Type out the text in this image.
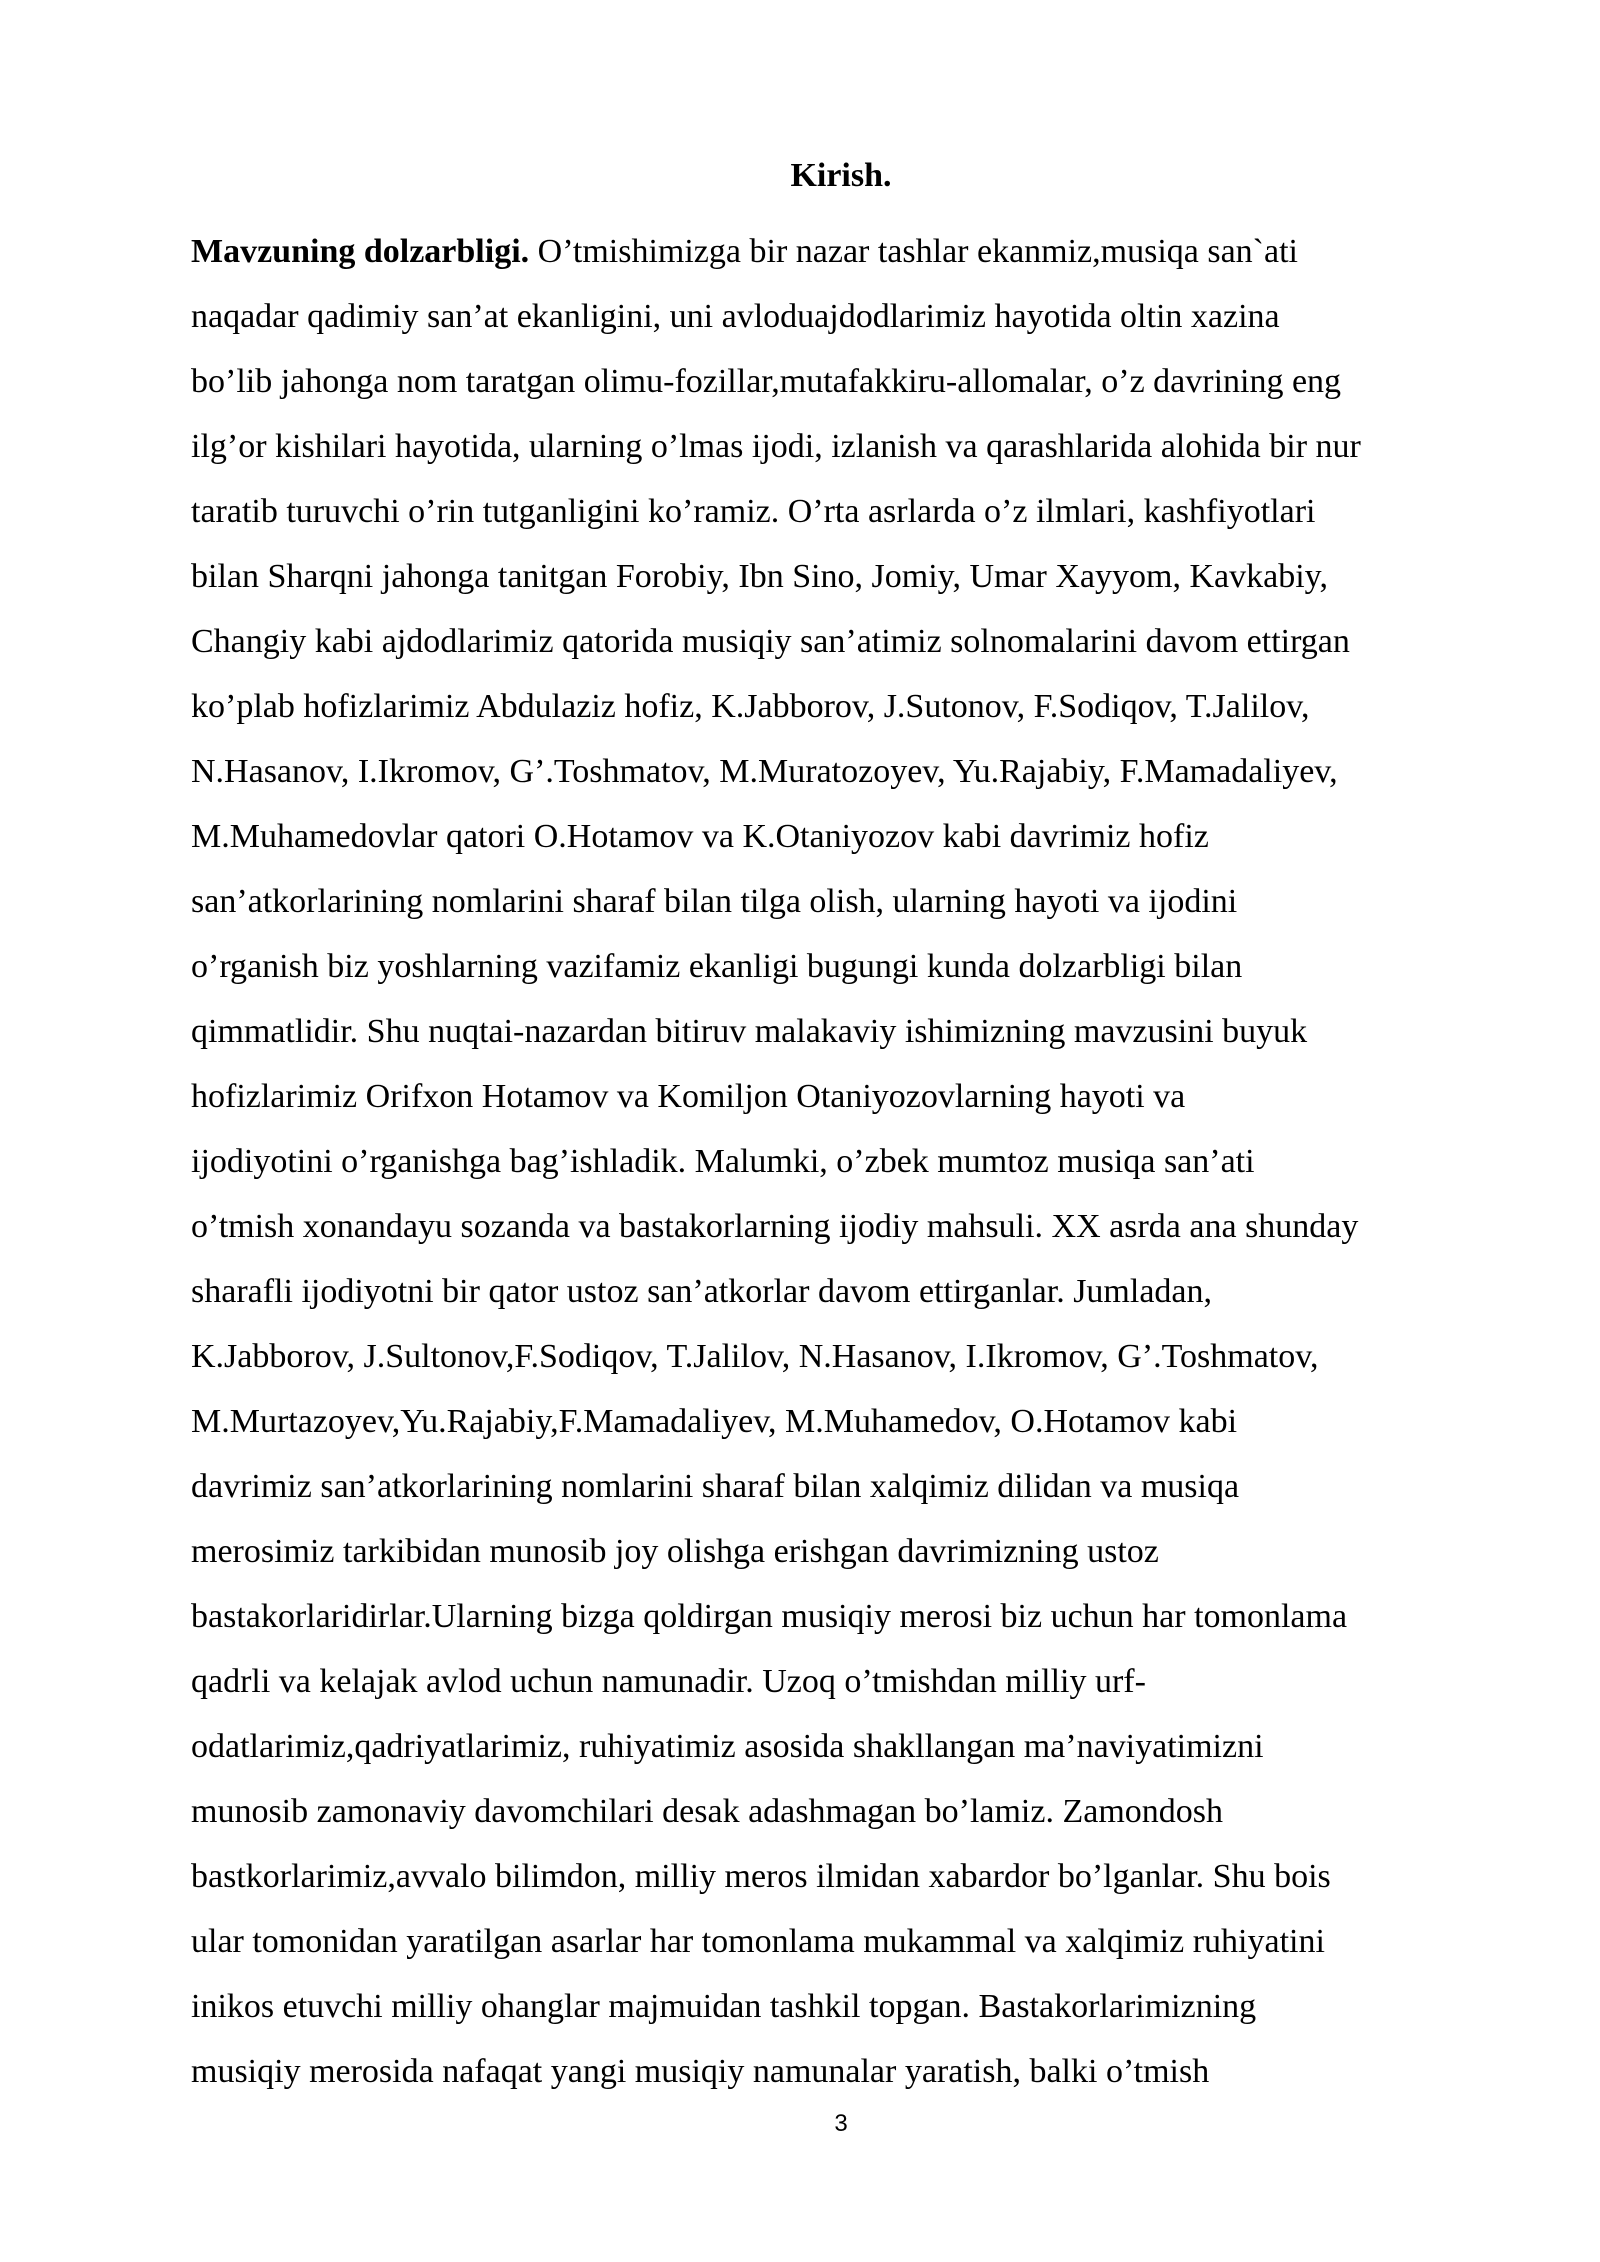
Kirish.
Mavzuning dolzarbligi. O’tmishimizga bir nazar tashlar ekanmiz,musiqa san`ati
naqadar qadimiy san’at ekanligini, uni avloduajdodlarimiz hayotida oltin xazina
bo’lib jahonga nom taratgan olimu-fozillar,mutafakkiru-allomalar, o’z davrining eng
ilg’or kishilari hayotida, ularning o’lmas ijodi, izlanish va qarashlarida alohida bir nur
taratib turuvchi o’rin tutganligini ko’ramiz. O’rta asrlarda o’z ilmlari, kashfiyotlari
bilan Sharqni jahonga tanitgan Forobiy, Ibn Sino, Jomiy, Umar Xayyom, Kavkabiy,
Changiy kabi ajdodlarimiz qatorida musiqiy san’atimiz solnomalarini davom ettirgan
ko’plab hofizlarimiz Abdulaziz hofiz, K.Jabborov, J.Sutonov, F.Sodiqov, T.Jalilov,
N.Hasanov, I.Ikromov, G’.Toshmatov, M.Muratozoyev, Yu.Rajabiy, F.Mamadaliyev,
M.Muhamedovlar qatori O.Hotamov va K.Otaniyozov kabi davrimiz hofiz
san’atkorlarining nomlarini sharaf bilan tilga olish, ularning hayoti va ijodini
o’rganish biz yoshlarning vazifamiz ekanligi bugungi kunda dolzarbligi bilan
qimmatlidir. Shu nuqtai-nazardan bitiruv malakaviy ishimizning mavzusini buyuk
hofizlarimiz Orifxon Hotamov va Komiljon Otaniyozovlarning hayoti va
ijodiyotini o’rganishga bag’ishladik. Malumki, o’zbek mumtoz musiqa san’ati
o’tmish xonandayu sozanda va bastakorlarning ijodiy mahsuli. XX asrda ana shunday
sharafli ijodiyotni bir qator ustoz san’atkorlar davom ettirganlar. Jumladan,
K.Jabborov, J.Sultonov,F.Sodiqov, T.Jalilov, N.Hasanov, I.Ikromov, G’.Toshmatov,
M.Murtazoyev,Yu.Rajabiy,F.Mamadaliyev, M.Muhamedov, O.Hotamov kabi
davrimiz san’atkorlarining nomlarini sharaf bilan xalqimiz dilidan va musiqa
merosimiz tarkibidan munosib joy olishga erishgan davrimizning ustoz
bastakorlaridirlar.Ularning bizga qoldirgan musiqiy merosi biz uchun har tomonlama
qadrli va kelajak avlod uchun namunadir. Uzoq o’tmishdan milliy urf-
odatlarimiz,qadriyatlarimiz, ruhiyatimiz asosida shakllangan ma’naviyatimizni
munosib zamonaviy davomchilari desak adashmagan bo’lamiz. Zamondosh
bastkorlarimiz,avvalo bilimdon, milliy meros ilmidan xabardor bo’lganlar. Shu bois
ular tomonidan yaratilgan asarlar har tomonlama mukammal va xalqimiz ruhiyatini
inikos etuvchi milliy ohanglar majmuidan tashkil topgan. Bastakorlarimizning
musiqiy merosida nafaqat yangi musiqiy namunalar yaratish, balki o’tmish
3
